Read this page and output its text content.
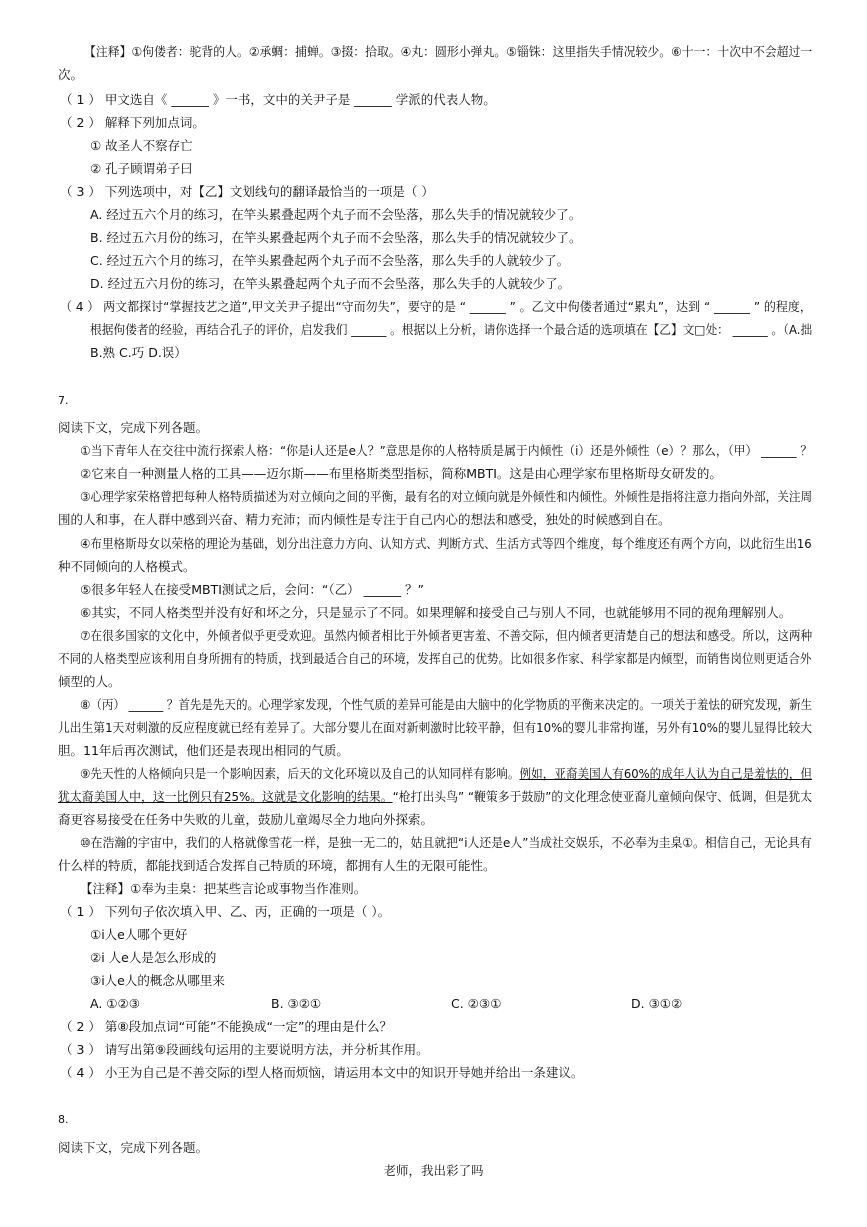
【注释】①佝偻者：驼背的人。②承蜩：捕蝉。③掇：拾取。④丸：圆形小弹丸。⑤锱铢：这里指失手情况较少。⑥十一：十次中不会超过一
次。
（ 1 ） 甲文选自《 ______ 》一书，文中的关尹子是 ______ 学派的代表人物。
（ 2 ） 解释下列加点词。
① 故圣人不察存亡
② 孔子顾谓弟子曰
（ 3 ） 下列选项中，对【乙】文划线句的翻译最恰当的一项是（ ）
A. 经过五六个月的练习，在竿头累叠起两个丸子而不会坠落，那么失手的情况就较少了。
B. 经过五六月份的练习，在竿头累叠起两个丸子而不会坠落，那么失手的情况就较少了。
C. 经过五六个月的练习，在竿头累叠起两个丸子而不会坠落，那么失手的人就较少了。
D. 经过五六月份的练习，在竿头累叠起两个丸子而不会坠落，那么失手的人就较少了。
（ 4 ） 两文都探讨“掌握技艺之道”,甲文关尹子提出“守而勿失”，要守的是 “ ______ ” 。乙文中佝偻者通过“累丸”，达到 “ ______ ” 的程度，
根据佝偻者的经验，再结合孔子的评价，启发我们 ______ 。根据以上分析，请你选择一个最合适的选项填在【乙】文□处： ______ 。（A.拙
B.熟 C.巧 D.误）
7.
阅读下文，完成下列各题。
①当下青年人在交往中流行探索人格：“你是i人还是e人？”意思是你的人格特质是属于内倾性（i）还是外倾性（e）？那么，（甲） ______ ？
②它来自一种测量人格的工具——迈尔斯——布里格斯类型指标，简称MBTI。这是由心理学家布里格斯母女研发的。
③心理学家荣格曾把每种人格特质描述为对立倾向之间的平衡，最有名的对立倾向就是外倾性和内倾性。外倾性是指将注意力指向外部，关注周
围的人和事，在人群中感到兴奋、精力充沛；而内倾性是专注于自己内心的想法和感受，独处的时候感到自在。
④布里格斯母女以荣格的理论为基础，划分出注意力方向、认知方式、判断方式、生活方式等四个维度，每个维度还有两个方向，以此衍生出16
种不同倾向的人格模式。
⑤很多年轻人在接受MBTI测试之后，会问：“（乙） ______ ？”
⑥其实，不同人格类型并没有好和坏之分，只是显示了不同。如果理解和接受自己与别人不同，也就能够用不同的视角理解别人。
⑦在很多国家的文化中，外倾者似乎更受欢迎。虽然内倾者相比于外倾者更害羞、不善交际，但内倾者更清楚自己的想法和感受。所以，这两种
不同的人格类型应该利用自身所拥有的特质，找到最适合自己的环境，发挥自己的优势。比如很多作家、科学家都是内倾型，而销售岗位则更适合外
倾型的人。
⑧（丙） ______ ？首先是先天的。心理学家发现，个性气质的差异可能是由大脑中的化学物质的平衡来决定的。一项关于羞怯的研究发现，新生
儿出生第1天对刺激的反应程度就已经有差异了。大部分婴儿在面对新刺激时比较平静，但有10%的婴儿非常拘谨，另外有10%的婴儿显得比较大
胆。11年后再次测试，他们还是表现出相同的气质。
⑨先天性的人格倾向只是一个影响因素，后天的文化环境以及自己的认知同样有影响。例如，亚裔美国人有60%的成年人认为自己是羞怯的，但
犹太裔美国人中，这一比例只有25%。这就是文化影响的结果。“枪打出头鸟” “鞭策多于鼓励”的文化理念使亚裔儿童倾向保守、低调，但是犹太
裔更容易接受在任务中失败的儿童，鼓励儿童竭尽全力地向外探索。
⑩在浩瀚的宇宙中，我们的人格就像雪花一样，是独一无二的，姑且就把“i人还是e人”当成社交娱乐，不必奉为圭臬①。相信自己，无论具有
什么样的特质，都能找到适合发挥自己特质的环境，都拥有人生的无限可能性。
【注释】①奉为圭臬：把某些言论或事物当作准则。
（ 1 ） 下列句子依次填入甲、乙、丙，正确的一项是（ ）。
①i人e人哪个更好
②i 人e人是怎么形成的
③i人e人的概念从哪里来
A. ①②③	B. ③②①	C. ②③①	D. ③①②
（ 2 ） 第⑧段加点词“可能”不能换成“一定”的理由是什么？
（ 3 ） 请写出第⑨段画线句运用的主要说明方法，并分析其作用。
（ 4 ） 小王为自己是不善交际的i型人格而烦恼，请运用本文中的知识开导她并给出一条建议。
8.
阅读下文，完成下列各题。
老师，我出彩了吗
